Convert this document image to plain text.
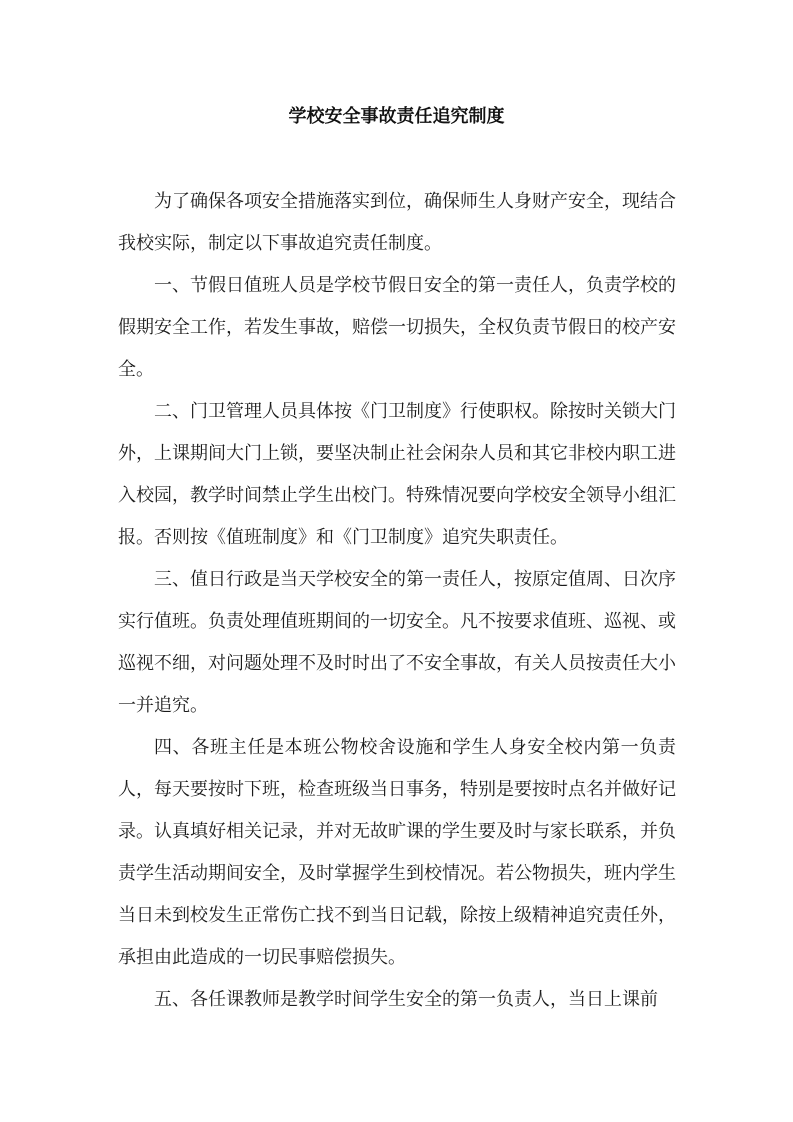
学校安全事故责任追究制度

为了确保各项安全措施落实到位，确保师生人身财产安全，现结合我校实际，制定以下事故追究责任制度。

一、节假日值班人员是学校节假日安全的第一责任人，负责学校的假期安全工作，若发生事故，赔偿一切损失，全权负责节假日的校产安全。

二、门卫管理人员具体按《门卫制度》行使职权。除按时关锁大门外，上课期间大门上锁，要坚决制止社会闲杂人员和其它非校内职工进入校园，教学时间禁止学生出校门。特殊情况要向学校安全领导小组汇报。否则按《值班制度》和《门卫制度》追究失职责任。

三、值日行政是当天学校安全的第一责任人，按原定值周、日次序实行值班。负责处理值班期间的一切安全。凡不按要求值班、巡视、或巡视不细，对问题处理不及时时出了不安全事故，有关人员按责任大小一并追究。

四、各班主任是本班公物校舍设施和学生人身安全校内第一负责人，每天要按时下班，检查班级当日事务，特别是要按时点名并做好记录。认真填好相关记录，并对无故旷课的学生要及时与家长联系，并负责学生活动期间安全，及时掌握学生到校情况。若公物损失，班内学生当日未到校发生正常伤亡找不到当日记载，除按上级精神追究责任外，承担由此造成的一切民事赔偿损失。

五、各任课教师是教学时间学生安全的第一负责人，当日上课前
